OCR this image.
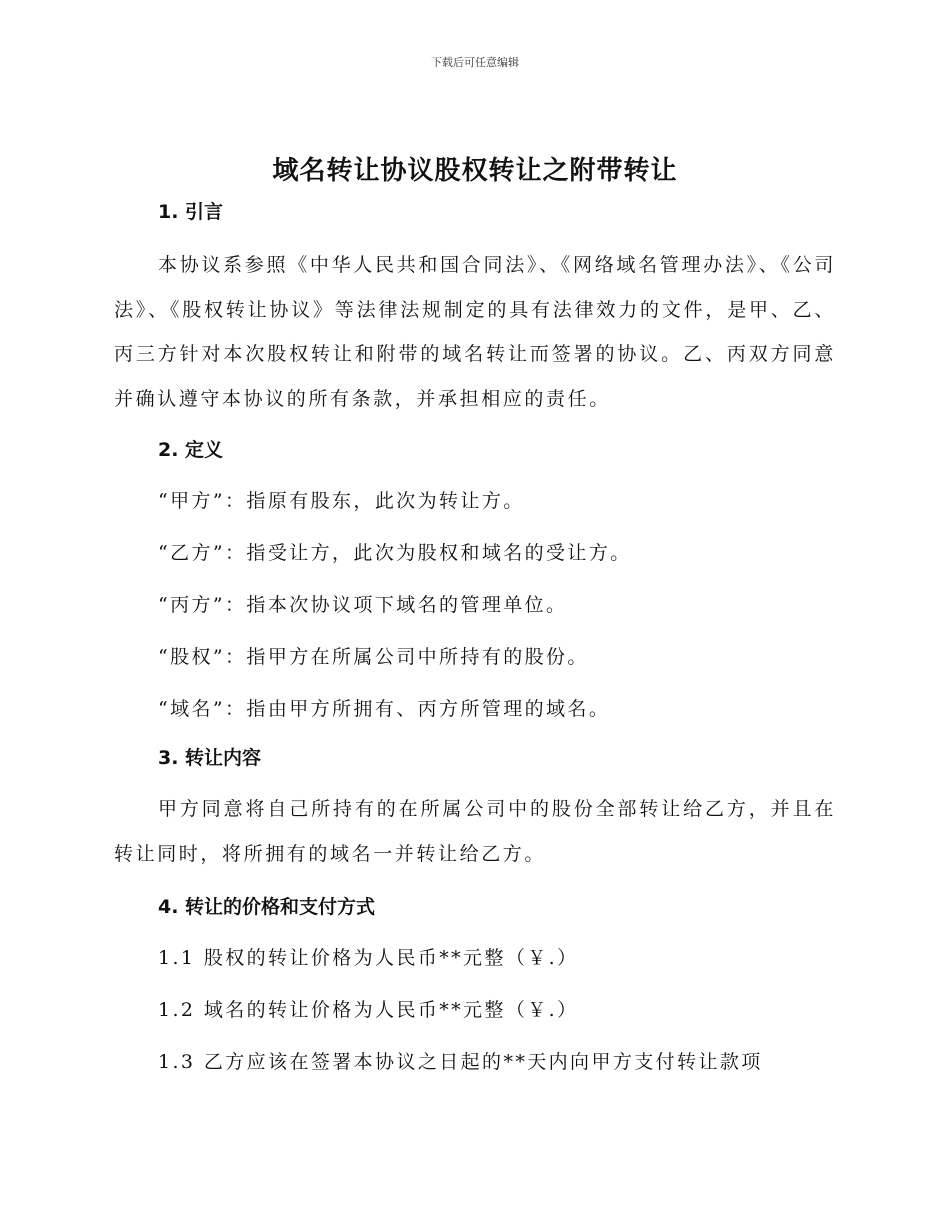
下载后可任意编辑
域名转让协议股权转让之附带转让
1. 引言

本协议系参照《中华人民共和国合同法》、《网络域名管理办法》、《公司法》、《股权转让协议》等法律法规制定的具有法律效力的文件，是甲、乙、丙三方针对本次股权转让和附带的域名转让而签署的协议。乙、丙双方同意并确认遵守本协议的所有条款，并承担相应的责任。

2. 定义

“甲方”：指原有股东，此次为转让方。

“乙方”：指受让方，此次为股权和域名的受让方。

“丙方”：指本次协议项下域名的管理单位。

“股权”：指甲方在所属公司中所持有的股份。

“域名”：指由甲方所拥有、丙方所管理的域名。

3. 转让内容

甲方同意将自己所持有的在所属公司中的股份全部转让给乙方，并且在转让同时，将所拥有的域名一并转让给乙方。

4. 转让的价格和支付方式

1.1 股权的转让价格为人民币**元整（￥.）

1.2 域名的转让价格为人民币**元整（￥.）

1.3 乙方应该在签署本协议之日起的**天内向甲方支付转让款项
